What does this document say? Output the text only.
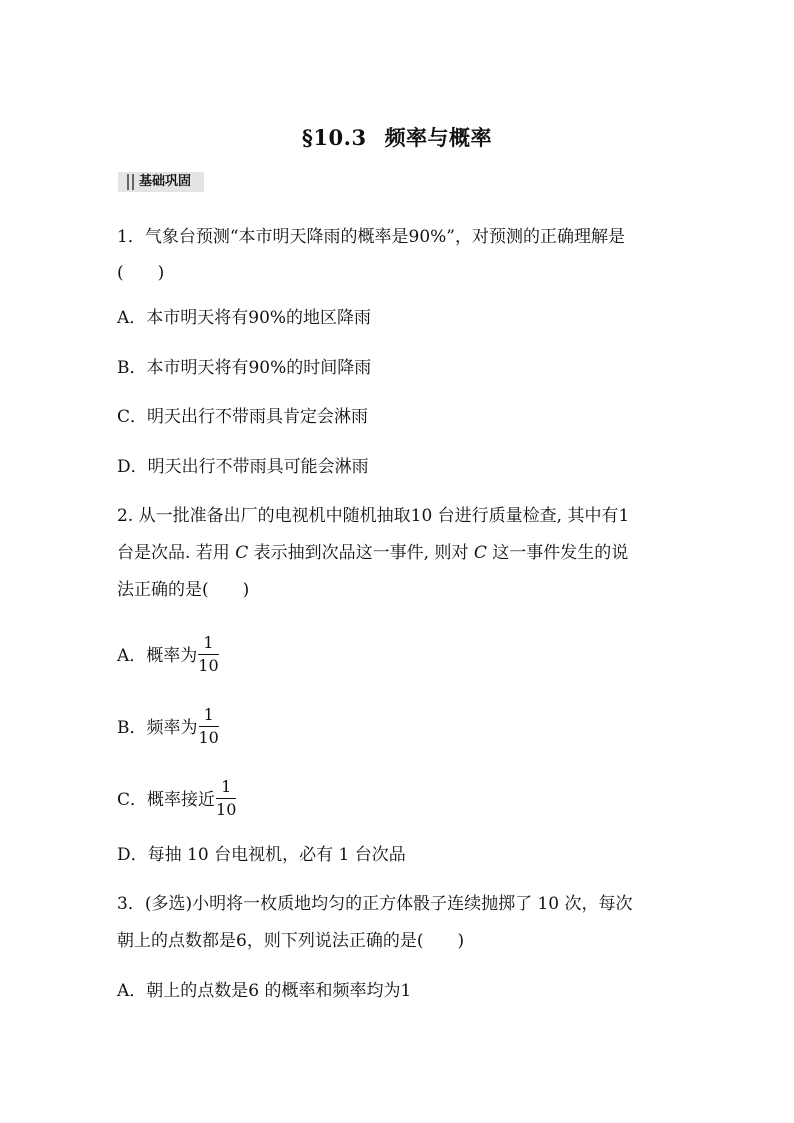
§10.3 频率与概率
基础巩固
1．气象台预测“本市明天降雨的概率是90%”，对预测的正确理解是
(　　)
A．本市明天将有90%的地区降雨
B．本市明天将有90%的时间降雨
C．明天出行不带雨具肯定会淋雨
D．明天出行不带雨具可能会淋雨
2. 从一批准备出厂的电视机中随机抽取10 台进行质量检查, 其中有1
台是次品. 若用 C 表示抽到次品这一事件, 则对 C 这一事件发生的说
法正确的是(　　)
A．概率为 $\frac{1}{10}$
B．频率为 $\frac{1}{10}$
C．概率接近 $\frac{1}{10}$
D．每抽 10 台电视机，必有 1 台次品
3．(多选)小明将一枚质地均匀的正方体骰子连续抛掷了 10 次，每次
朝上的点数都是6，则下列说法正确的是(　　)
A．朝上的点数是6 的概率和频率均为1
